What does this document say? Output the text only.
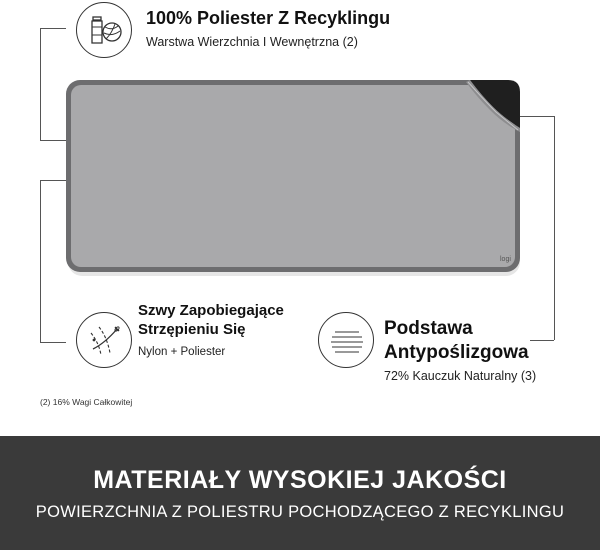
logi
100% Poliester Z Recyklingu
Warstwa Wierzchnia I Wewnętrzna (2)
Szwy Zapobiegające
Strzępieniu Się
Nylon + Poliester
Podstawa
Antypoślizgowa
72% Kauczuk Naturalny (3)
(2) 16% Wagi Całkowitej
MATERIAŁY WYSOKIEJ JAKOŚCI
POWIERZCHNIA Z POLIESTRU POCHODZĄCEGO Z RECYKLINGU
